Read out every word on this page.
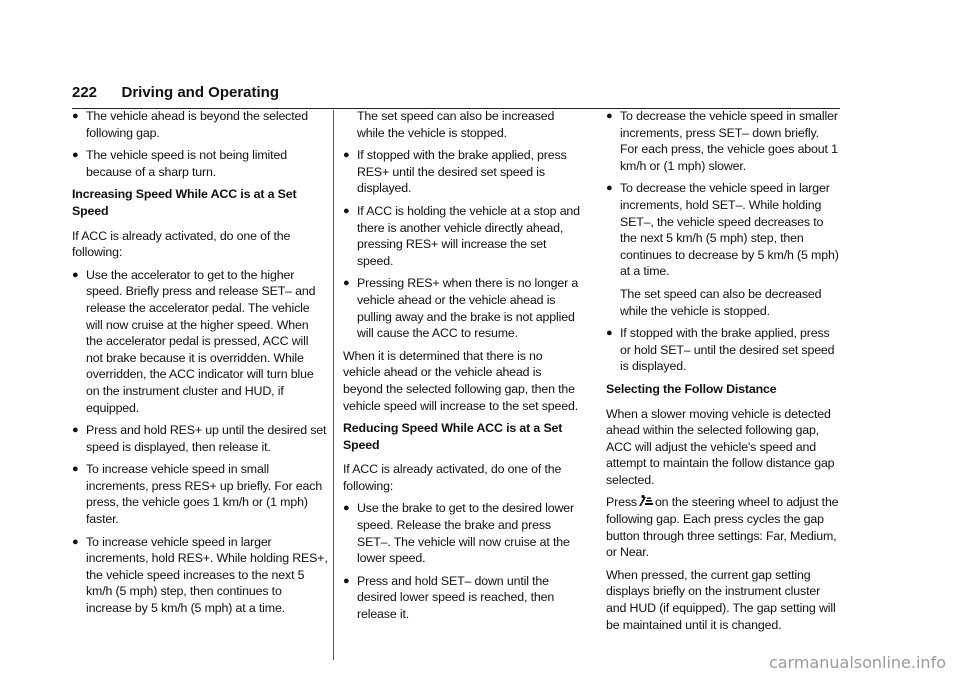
222 Driving and Operating
● The vehicle ahead is beyond the selected following gap.
● The vehicle speed is not being limited because of a sharp turn.

Increasing Speed While ACC is at a Set Speed

If ACC is already activated, do one of the following:

● Use the accelerator to get to the higher speed. Briefly press and release SET– and release the accelerator pedal. The vehicle will now cruise at the higher speed. When the accelerator pedal is pressed, ACC will not brake because it is overridden. While overridden, the ACC indicator will turn blue on the instrument cluster and HUD, if equipped.
● Press and hold RES+ up until the desired set speed is displayed, then release it.
● To increase vehicle speed in small increments, press RES+ up briefly. For each press, the vehicle goes 1 km/h or (1 mph) faster.
● To increase vehicle speed in larger increments, hold RES+. While holding RES+, the vehicle speed increases to the next 5 km/h (5 mph) step, then continues to increase by 5 km/h (5 mph) at a time.

The set speed can also be increased while the vehicle is stopped.

● If stopped with the brake applied, press RES+ until the desired set speed is displayed.
● If ACC is holding the vehicle at a stop and there is another vehicle directly ahead, pressing RES+ will increase the set speed.
● Pressing RES+ when there is no longer a vehicle ahead or the vehicle ahead is pulling away and the brake is not applied will cause the ACC to resume.

When it is determined that there is no vehicle ahead or the vehicle ahead is beyond the selected following gap, then the vehicle speed will increase to the set speed.

Reducing Speed While ACC is at a Set Speed

If ACC is already activated, do one of the following:

● Use the brake to get to the desired lower speed. Release the brake and press SET–. The vehicle will now cruise at the lower speed.
● Press and hold SET– down until the desired lower speed is reached, then release it.
● To decrease the vehicle speed in smaller increments, press SET– down briefly. For each press, the vehicle goes about 1 km/h or (1 mph) slower.
● To decrease the vehicle speed in larger increments, hold SET–. While holding SET–, the vehicle speed decreases to the next 5 km/h (5 mph) step, then continues to decrease by 5 km/h (5 mph) at a time.

The set speed can also be decreased while the vehicle is stopped.

● If stopped with the brake applied, press or hold SET– until the desired set speed is displayed.

Selecting the Follow Distance

When a slower moving vehicle is detected ahead within the selected following gap, ACC will adjust the vehicle's speed and attempt to maintain the follow distance gap selected.

Press on the steering wheel to adjust the following gap. Each press cycles the gap button through three settings: Far, Medium, or Near.

When pressed, the current gap setting displays briefly on the instrument cluster and HUD (if equipped). The gap setting will be maintained until it is changed.

carmanualsonline.info
